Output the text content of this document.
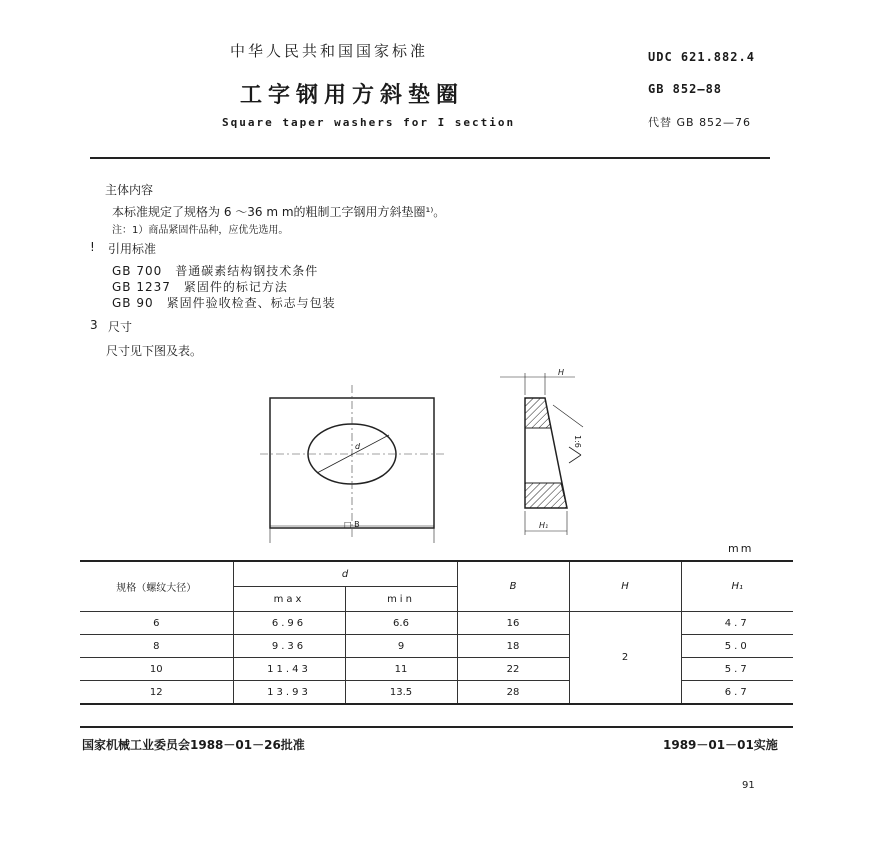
中华人民共和国国家标准
工字钢用方斜垫圈
Square taper washers for I section
UDC 621.882.4
GB 852—88
代替 GB 852—76
主体内容
本标准规定了规格为 6 ～36 m m的粗制工字钢用方斜垫圈¹⁾。
注：1）商品紧固件品种，应优先选用。
! 引用标准
GB 700　普通碳素结构钢技术条件
GB 1237　紧固件的标记方法
GB 90　紧固件验收检查、标志与包装
3 尺寸
尺寸见下图及表。
d
□ B
H
1:6
H₁
mm
规格（螺纹大径）	d		B	H	H₁
	max	min			
6	6.96	6.6	16	2	4.7
8	9.36	9	18		5.0
10	11.43	11	22		5.7
12	13.93	13.5	28		6.7
国家机械工业委员会1988－01－26批准	1989－01－01实施
91
